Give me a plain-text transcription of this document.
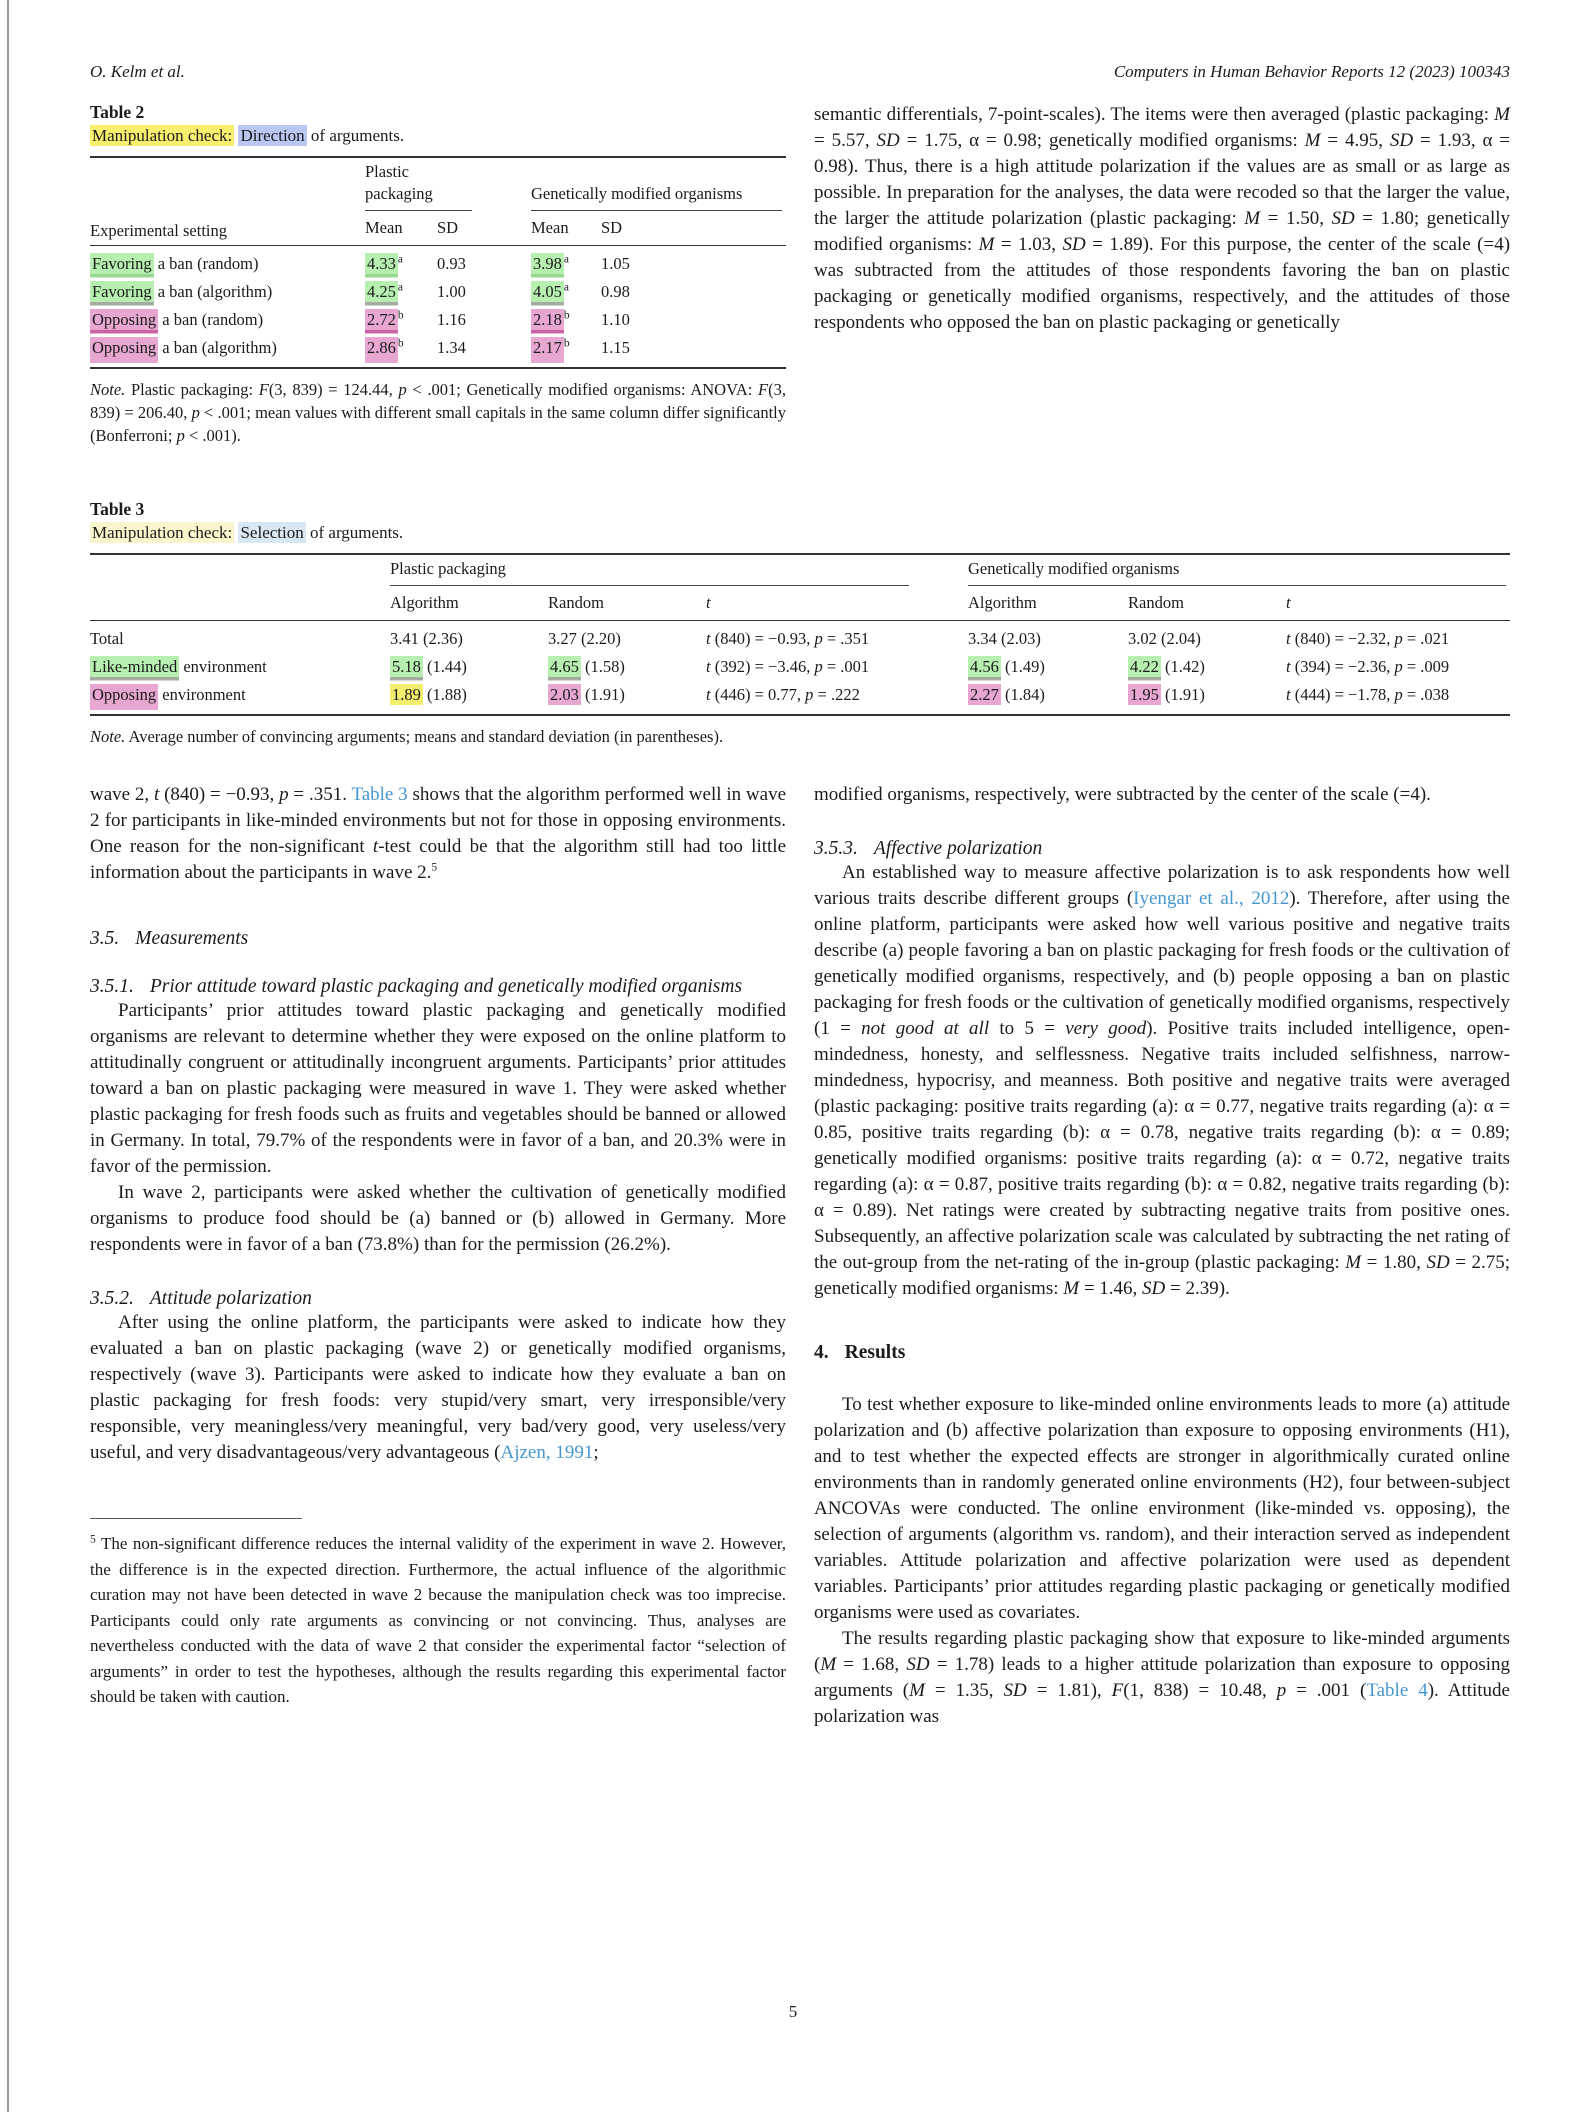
O. Kelm et al.	Computers in Human Behavior Reports 12 (2023) 100343
Table 2
Manipulation check: Direction of arguments.
Experimental setting	Plastic packaging		Genetically modified organisms	

	Mean	SD	Mean	SD
Favoring a ban (random)	4.33 $^a$	0.93	3.98 $^a$	1.05
Favoring a ban (algorithm)	4.25 $^a$	1.00	4.05 $^a$	0.98
Opposing a ban (random)	2.72 $^b$	1.16	2.18 $^b$	1.10
Opposing a ban (algorithm)	2.86 $^b$	1.34	2.17 $^b$	1.15
Note. Plastic packaging: F(3, 839) = 124.44, p < .001; Genetically modified organisms: ANOVA: F(3, 839) = 206.40, p < .001; mean values with different small capitals in the same column differ significantly (Bonferroni; p < .001).

semantic differentials, 7-point-scales). The items were then averaged (plastic packaging: M = 5.57, SD = 1.75, α = 0.98; genetically modified organisms: M = 4.95, SD = 1.93, α = 0.98). Thus, there is a high attitude polarization if the values are as small or as large as possible. In preparation for the analyses, the data were recoded so that the larger the value, the larger the attitude polarization (plastic packaging: M = 1.50, SD = 1.80; genetically modified organisms: M = 1.03, SD = 1.89). For this purpose, the center of the scale (=4) was subtracted from the attitudes of those respondents favoring the ban on plastic packaging or genetically modified organisms, respectively, and the attitudes of those respondents who opposed the ban on plastic packaging or genetically

Table 3
Manipulation check: Selection of arguments.

	Plastic packaging			Genetically modified organisms		

	Algorithm	Random	t	Algorithm	Random	t
Total	3.41 (2.36)	3.27 (2.20)	t (840) = −0.93, p = .351	3.34 (2.03)	3.02 (2.04)	t (840) = −2.32, p = .021
Like-minded environment	5.18 (1.44)	4.65 (1.58)	t (392) = −3.46, p = .001	4.56 (1.49)	4.22 (1.42)	t (394) = −2.36, p = .009
Opposing environment	1.89 (1.88)	2.03 (1.91)	t (446) = 0.77, p = .222	2.27 (1.84)	1.95 (1.91)	t (444) = −1.78, p = .038
Note. Average number of convincing arguments; means and standard deviation (in parentheses).

wave 2, t (840) = −0.93, p = .351. Table 3 shows that the algorithm performed well in wave 2 for participants in like-minded environments but not for those in opposing environments. One reason for the non-significant t-test could be that the algorithm still had too little information about the participants in wave 2.$^5$

3.5. Measurements
3.5.1. Prior attitude toward plastic packaging and genetically modified organisms

Participants’ prior attitudes toward plastic packaging and genetically modified organisms are relevant to determine whether they were exposed on the online platform to attitudinally congruent or attitudinally incongruent arguments. Participants’ prior attitudes toward a ban on plastic packaging were measured in wave 1. They were asked whether plastic packaging for fresh foods such as fruits and vegetables should be banned or allowed in Germany. In total, 79.7% of the respondents were in favor of a ban, and 20.3% were in favor of the permission.

In wave 2, participants were asked whether the cultivation of genetically modified organisms to produce food should be (a) banned or (b) allowed in Germany. More respondents were in favor of a ban (73.8%) than for the permission (26.2%).

3.5.2. Attitude polarization

After using the online platform, the participants were asked to indicate how they evaluated a ban on plastic packaging (wave 2) or genetically modified organisms, respectively (wave 3). Participants were asked to indicate how they evaluate a ban on plastic packaging for fresh foods: very stupid/very smart, very irresponsible/very responsible, very meaningless/very meaningful, very bad/very good, very useless/very useful, and very disadvantageous/very advantageous (Ajzen, 1991;

$^5$ The non-significant difference reduces the internal validity of the experiment in wave 2. However, the difference is in the expected direction. Furthermore, the actual influence of the algorithmic curation may not have been detected in wave 2 because the manipulation check was too imprecise. Participants could only rate arguments as convincing or not convincing. Thus, analyses are nevertheless conducted with the data of wave 2 that consider the experimental factor “selection of arguments” in order to test the hypotheses, although the results regarding this experimental factor should be taken with caution.

modified organisms, respectively, were subtracted by the center of the scale (=4).

3.5.3. Affective polarization

An established way to measure affective polarization is to ask respondents how well various traits describe different groups (Iyengar et al., 2012). Therefore, after using the online platform, participants were asked how well various positive and negative traits describe (a) people favoring a ban on plastic packaging for fresh foods or the cultivation of genetically modified organisms, respectively, and (b) people opposing a ban on plastic packaging for fresh foods or the cultivation of genetically modified organisms, respectively (1 = not good at all to 5 = very good). Positive traits included intelligence, open-mindedness, honesty, and selflessness. Negative traits included selfishness, narrow-mindedness, hypocrisy, and meanness. Both positive and negative traits were averaged (plastic packaging: positive traits regarding (a): α = 0.77, negative traits regarding (a): α = 0.85, positive traits regarding (b): α = 0.78, negative traits regarding (b): α = 0.89; genetically modified organisms: positive traits regarding (a): α = 0.72, negative traits regarding (a): α = 0.87, positive traits regarding (b): α = 0.82, negative traits regarding (b): α = 0.89). Net ratings were created by subtracting negative traits from positive ones. Subsequently, an affective polarization scale was calculated by subtracting the net rating of the out-group from the net-rating of the in-group (plastic packaging: M = 1.80, SD = 2.75; genetically modified organisms: M = 1.46, SD = 2.39).

4. Results

To test whether exposure to like-minded online environments leads to more (a) attitude polarization and (b) affective polarization than exposure to opposing environments (H1), and to test whether the expected effects are stronger in algorithmically curated online environments than in randomly generated online environments (H2), four between-subject ANCOVAs were conducted. The online environment (like-minded vs. opposing), the selection of arguments (algorithm vs. random), and their interaction served as independent variables. Attitude polarization and affective polarization were used as dependent variables. Participants’ prior attitudes regarding plastic packaging or genetically modified organisms were used as covariates.

The results regarding plastic packaging show that exposure to like-minded arguments (M = 1.68, SD = 1.78) leads to a higher attitude polarization than exposure to opposing arguments (M = 1.35, SD = 1.81), F(1, 838) = 10.48, p = .001 (Table 4). Attitude polarization was

5
